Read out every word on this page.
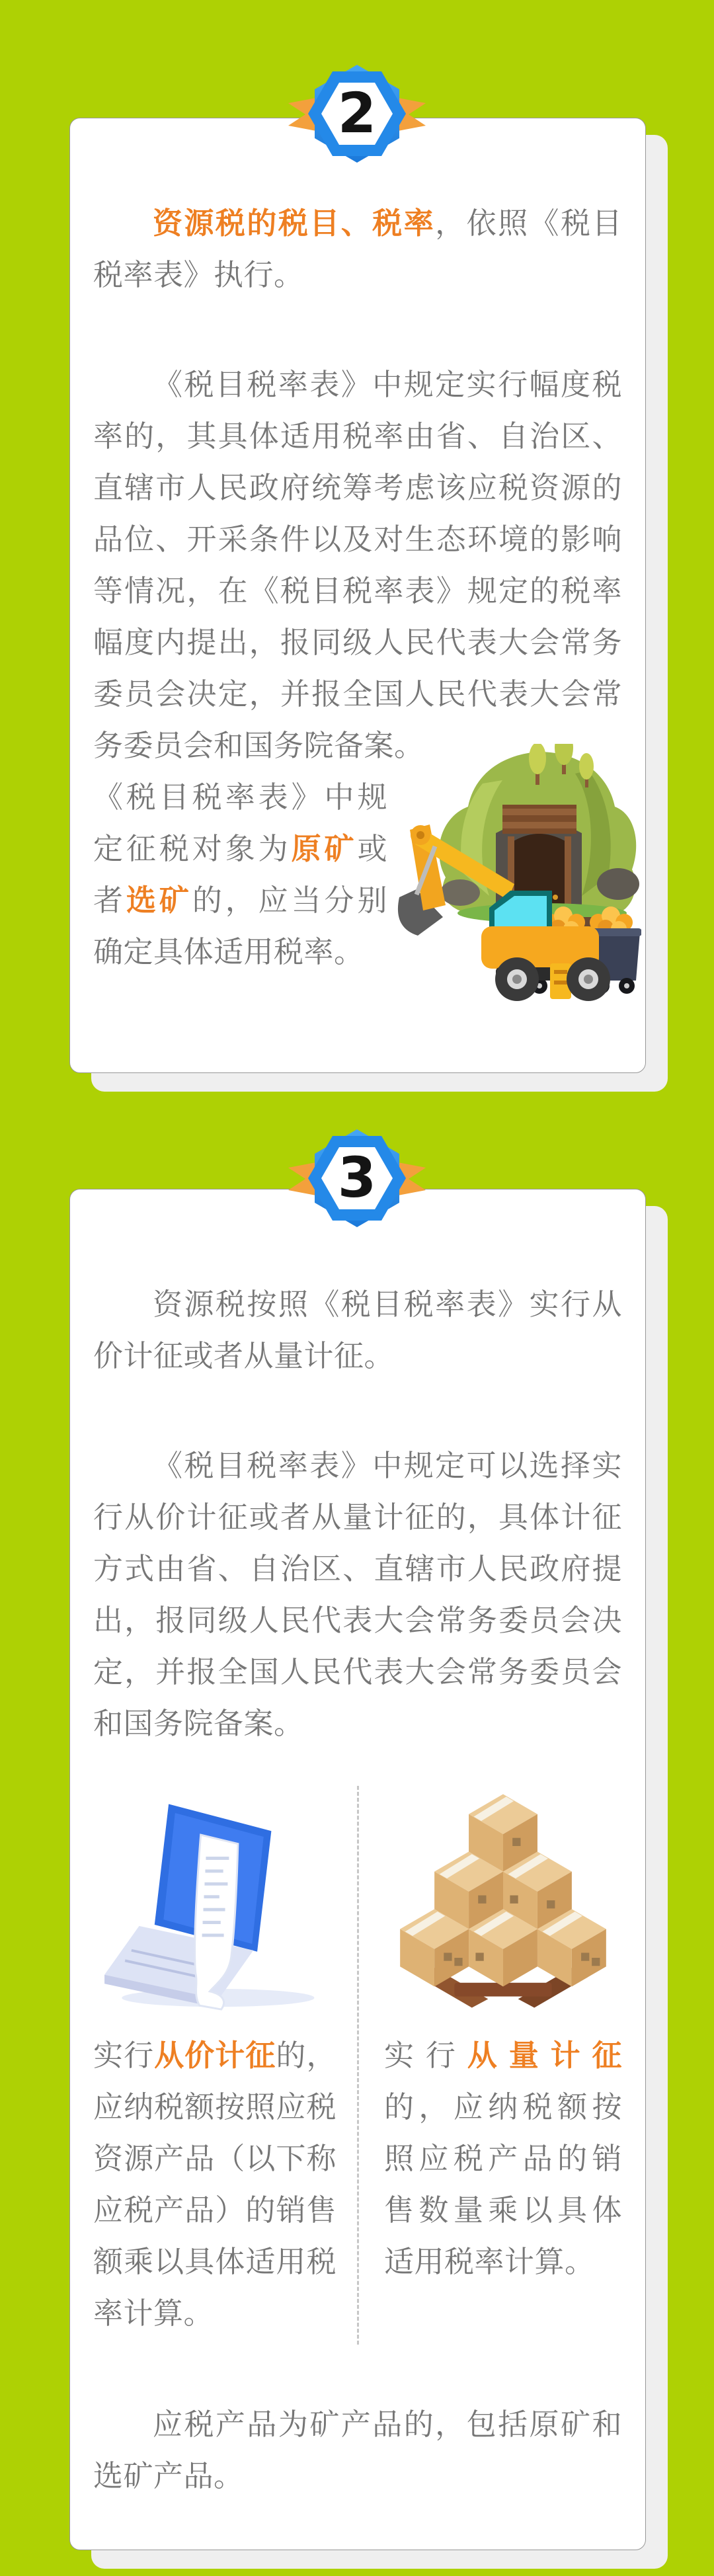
资源税的税目、税率，依照《税目税率表》执行。

《税目税率表》中规定实行幅度税率的，其具体适用税率由省、自治区、直辖市人民政府统筹考虑该应税资源的品位、开采条件以及对生态环境的影响等情况，在《税目税率表》规定的税率幅度内提出，报同级人民代表大会常务委员会决定，并报全国人民代表大会常务委员会和国务院备案。

《税目税率表》中规定征税对象为原矿或者选矿的，应当分别确定具体适用税率。

2

资源税按照《税目税率表》实行从价计征或者从量计征。

《税目税率表》中规定可以选择实行从价计征或者从量计征的，具体计征方式由省、自治区、直辖市人民政府提出，报同级人民代表大会常务委员会决定，并报全国人民代表大会常务委员会和国务院备案。

实行从价计征的，应纳税额按照应税资源产品（以下称应税产品）的销售额乘以具体适用税率计算。

实行从量计征的，应纳税额按照应税产品的销售数量乘以具体适用税率计算。

应税产品为矿产品的，包括原矿和选矿产品。

3
